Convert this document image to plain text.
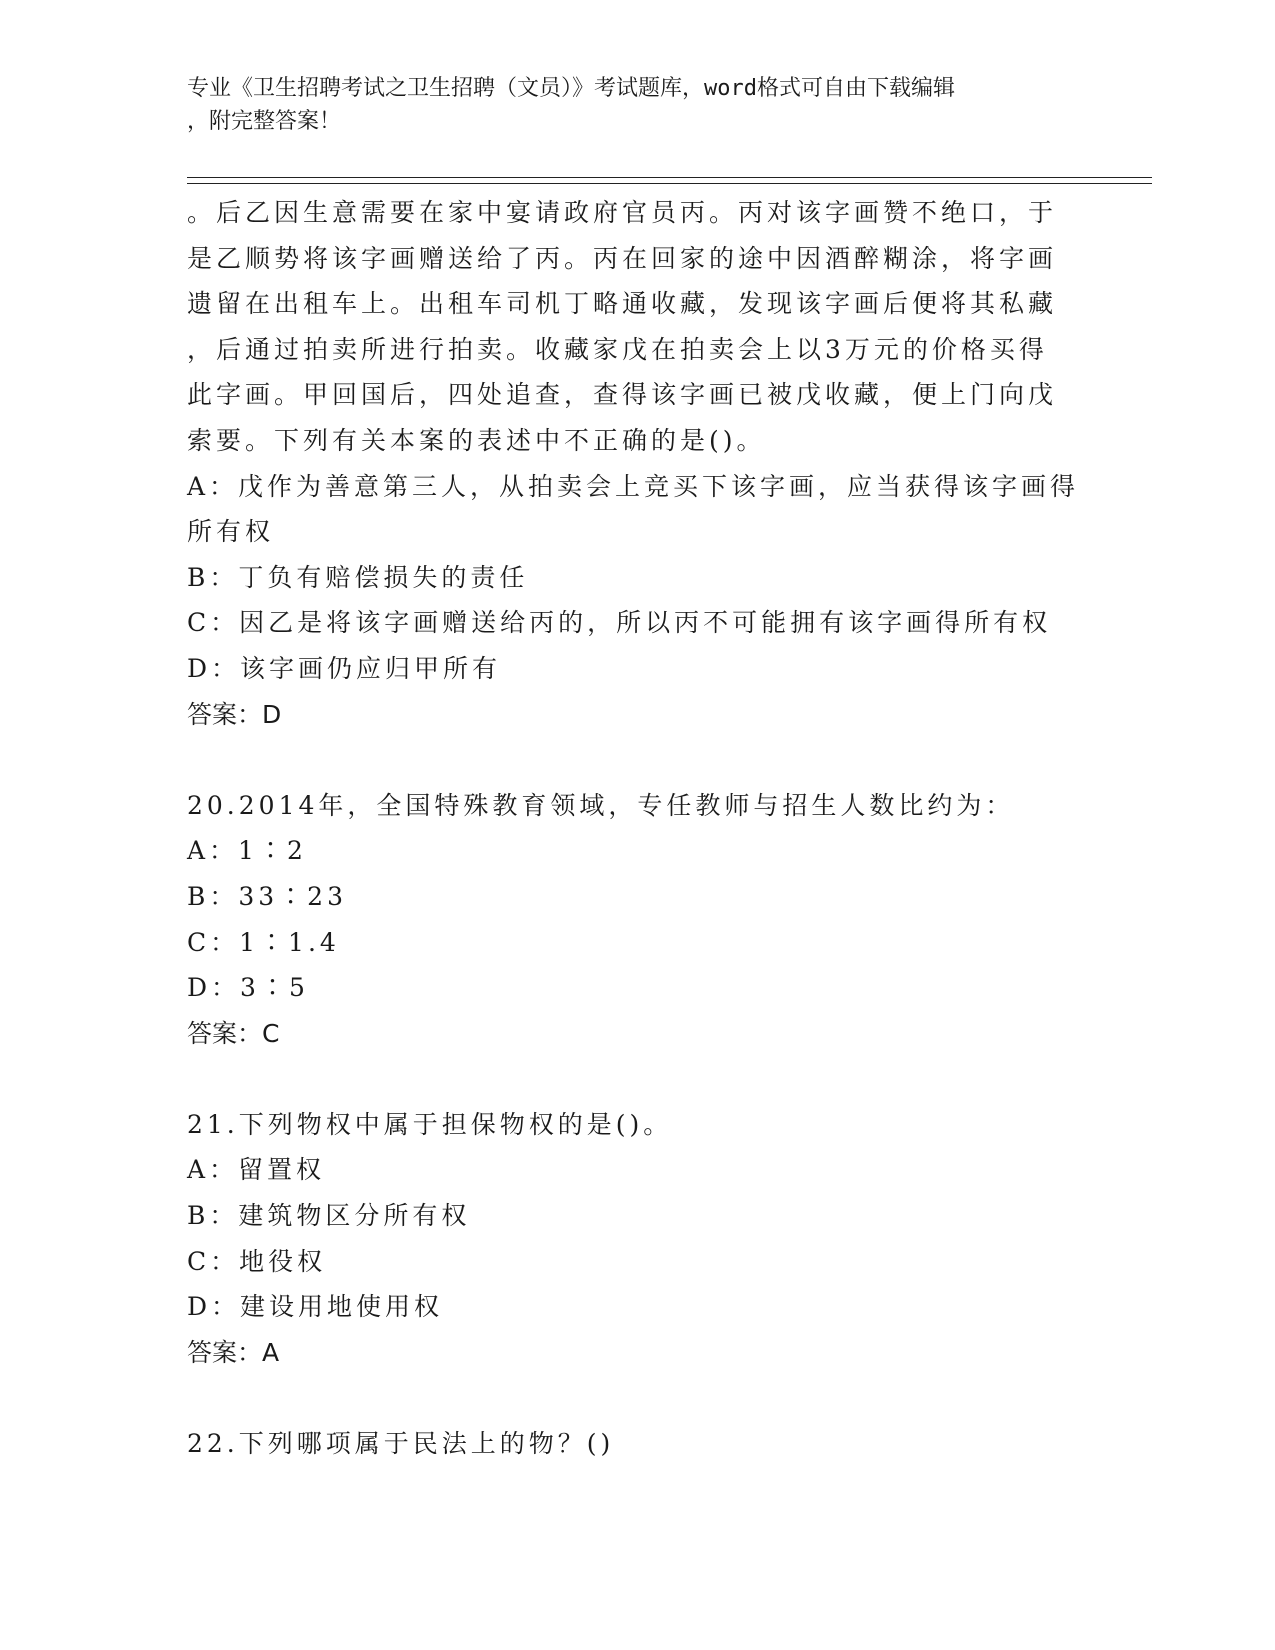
专业《卫生招聘考试之卫生招聘（文员）》考试题库，word格式可自由下载编辑
，附完整答案！
。后乙因生意需要在家中宴请政府官员丙。丙对该字画赞不绝口，于
是乙顺势将该字画赠送给了丙。丙在回家的途中因酒醉糊涂，将字画
遗留在出租车上。出租车司机丁略通收藏，发现该字画后便将其私藏
，后通过拍卖所进行拍卖。收藏家戊在拍卖会上以3万元的价格买得
此字画。甲回国后，四处追查，查得该字画已被戊收藏，便上门向戊
索要。下列有关本案的表述中不正确的是()。
A：戊作为善意第三人，从拍卖会上竞买下该字画，应当获得该字画得
所有权
B：丁负有赔偿损失的责任
C：因乙是将该字画赠送给丙的，所以丙不可能拥有该字画得所有权
D：该字画仍应归甲所有
答案：D
20.2014年，全国特殊教育领域，专任教师与招生人数比约为：
A：1∶2
B：33∶23
C：1∶1.4
D：3∶5
答案：C
21.下列物权中属于担保物权的是()。
A：留置权
B：建筑物区分所有权
C：地役权
D：建设用地使用权
答案：A
22.下列哪项属于民法上的物？()
